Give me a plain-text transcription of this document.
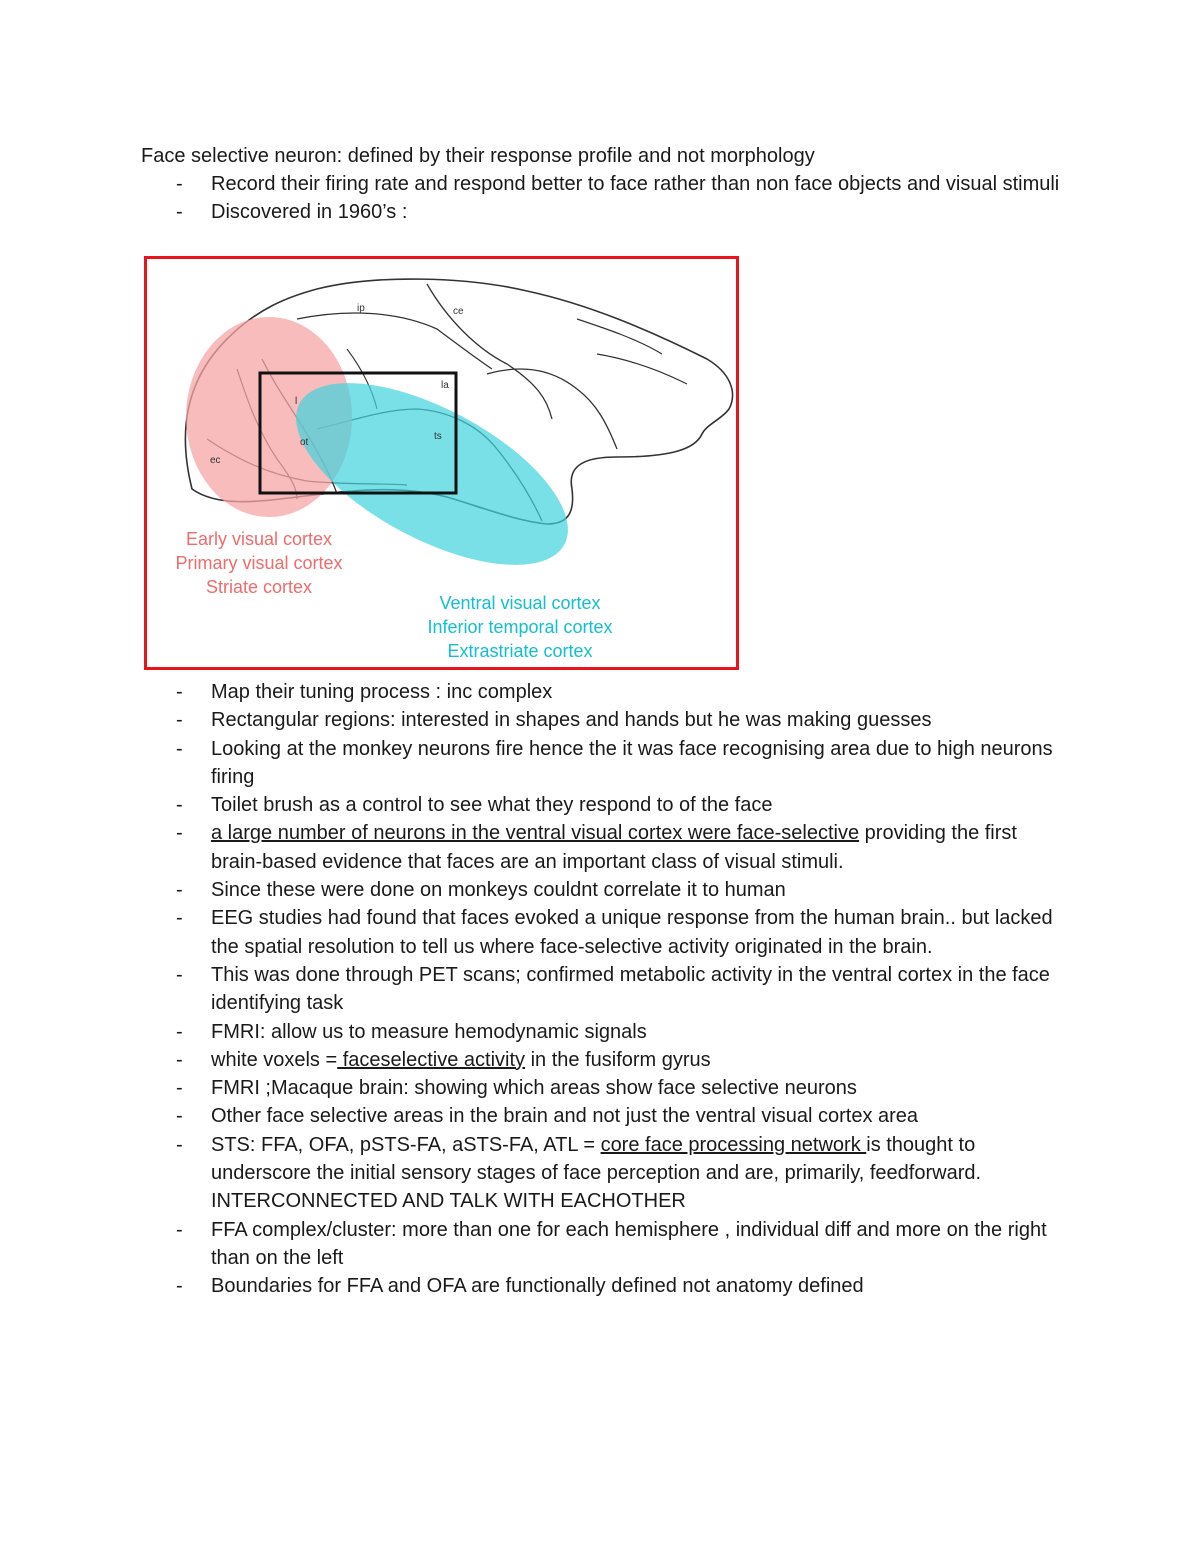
Face selective neuron: defined by their response profile and not morphology
- Record their firing rate and respond better to face rather than non face objects and visual stimuli
- Discovered in 1960’s :
ip	ce
la
l
ot
ts
ec
Early visual cortex
Primary visual cortex
Striate cortex
Ventral visual cortex
Inferior temporal cortex
Extrastriate cortex
- Map their tuning process : inc complex
- Rectangular regions: interested in shapes and hands but he was making guesses
- Looking at the monkey neurons fire hence the it was face recognising area due to high neurons firing
- Toilet brush as a control to see what they respond to of the face
- a large number of neurons in the ventral visual cortex were face-selective providing the first brain-based evidence that faces are an important class of visual stimuli.
- Since these were done on monkeys couldnt correlate it to human
- EEG studies had found that faces evoked a unique response from the human brain.. but lacked the spatial resolution to tell us where face-selective activity originated in the brain.
- This was done through PET scans; confirmed metabolic activity in the ventral cortex in the face identifying task
- FMRI: allow us to measure hemodynamic signals
- white voxels = faceselective activity in the fusiform gyrus
- FMRI ;Macaque brain: showing which areas show face selective neurons
- Other face selective areas in the brain and not just the ventral visual cortex area
- STS: FFA, OFA, pSTS-FA, aSTS-FA, ATL = core face processing network is thought to underscore the initial sensory stages of face perception and are, primarily, feedforward. INTERCONNECTED AND TALK WITH EACHOTHER
- FFA complex/cluster: more than one for each hemisphere , individual diff and more on the right than on the left
- Boundaries for FFA and OFA are functionally defined not anatomy defined
